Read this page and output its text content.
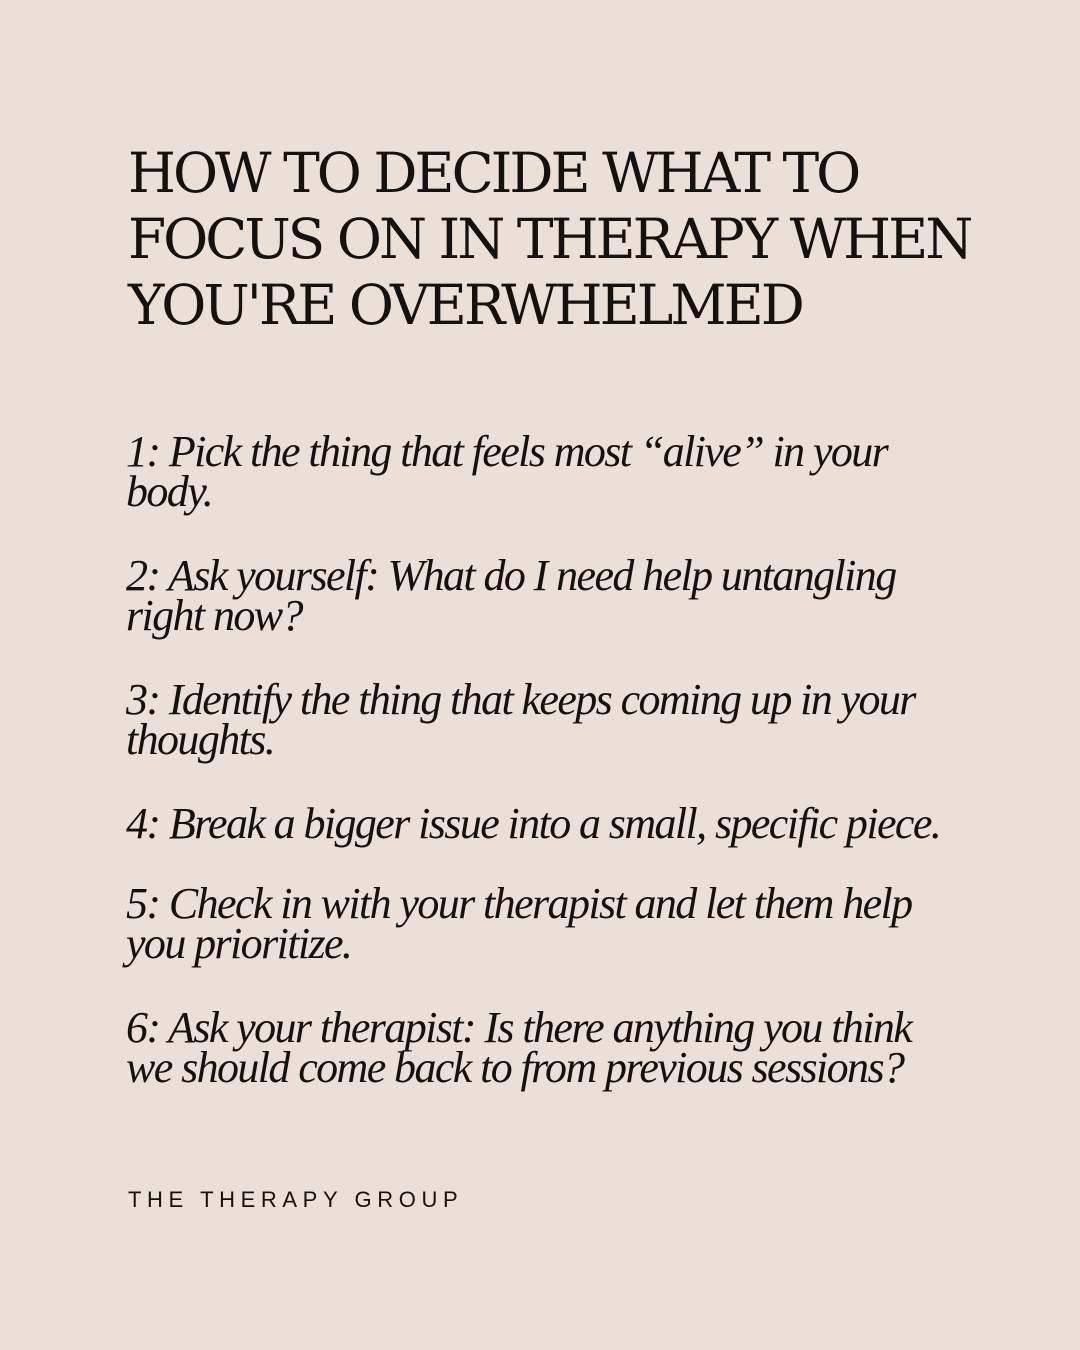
HOW TO DECIDE WHAT TO
FOCUS ON IN THERAPY WHEN
YOU'RE OVERWHELMED
1: Pick the thing that feels most “alive” in your
body.
2: Ask yourself: What do I need help untangling
right now?
3: Identify the thing that keeps coming up in your
thoughts.
4: Break a bigger issue into a small, specific piece.
5: Check in with your therapist and let them help
you prioritize.
6: Ask your therapist: Is there anything you think
we should come back to from previous sessions?

THE THERAPY GROUP
